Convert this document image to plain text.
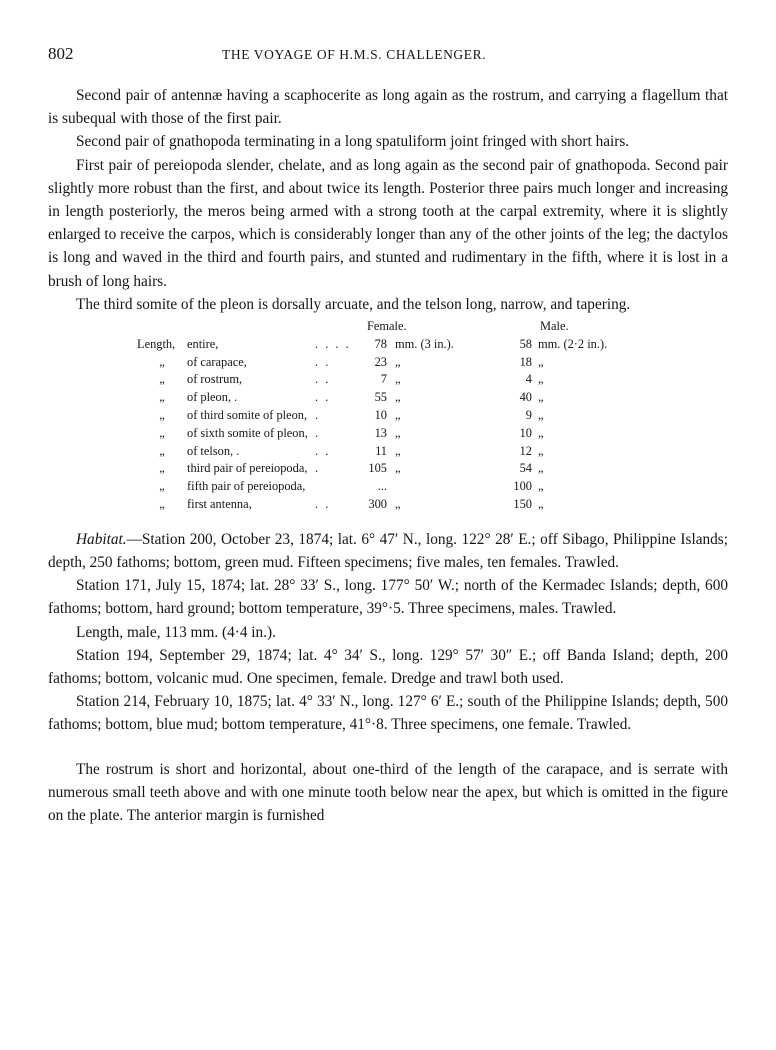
802	THE VOYAGE OF H.M.S. CHALLENGER.

Second pair of antennæ having a scaphocerite as long again as the rostrum, and carrying a flagellum that is subequal with those of the first pair.

Second pair of gnathopoda terminating in a long spatuliform joint fringed with short hairs.

First pair of pereiopoda slender, chelate, and as long again as the second pair of gnathopoda. Second pair slightly more robust than the first, and about twice its length. Posterior three pairs much longer and increasing in length posteriorly, the meros being armed with a strong tooth at the carpal extremity, where it is slightly enlarged to receive the carpos, which is considerably longer than any of the other joints of the leg; the dactylos is long and waved in the third and fourth pairs, and stunted and rudimentary in the fifth, where it is lost in a brush of long hairs.

The third somite of the pleon is dorsally arcuate, and the telson long, narrow, and tapering.

		Female.		Male.	
Length, entire,	. . . .	78	mm. (3 in.).	58	mm. (2·2 in.).
„ of carapace,	. .	23	„	18	„
„ of rostrum,	. .	7	„	4	„
„ of pleon, .	. .	55	„	40	„
„ of third somite of pleon,	.	10	„	9	„
„ of sixth somite of pleon,	.	13	„	10	„
„ of telson, .	. .	11	„	12	„
„ third pair of pereiopoda,	.	105	„	54	„
„ fifth pair of pereiopoda,		...		100	„
„ first antenna,	. .	300	„	150	„

Habitat.—Station 200, October 23, 1874; lat. 6° 47′ N., long. 122° 28′ E.; off Sibago, Philippine Islands; depth, 250 fathoms; bottom, green mud. Fifteen specimens; five males, ten females. Trawled.

Station 171, July 15, 1874; lat. 28° 33′ S., long. 177° 50′ W.; north of the Kermadec Islands; depth, 600 fathoms; bottom, hard ground; bottom temperature, 39°·5. Three specimens, males. Trawled.

Length, male, 113 mm. (4·4 in.).

Station 194, September 29, 1874; lat. 4° 34′ S., long. 129° 57′ 30″ E.; off Banda Island; depth, 200 fathoms; bottom, volcanic mud. One specimen, female. Dredge and trawl both used.

Station 214, February 10, 1875; lat. 4° 33′ N., long. 127° 6′ E.; south of the Philippine Islands; depth, 500 fathoms; bottom, blue mud; bottom temperature, 41°·8. Three specimens, one female. Trawled.

The rostrum is short and horizontal, about one-third of the length of the carapace, and is serrate with numerous small teeth above and with one minute tooth below near the apex, but which is omitted in the figure on the plate. The anterior margin is furnished
